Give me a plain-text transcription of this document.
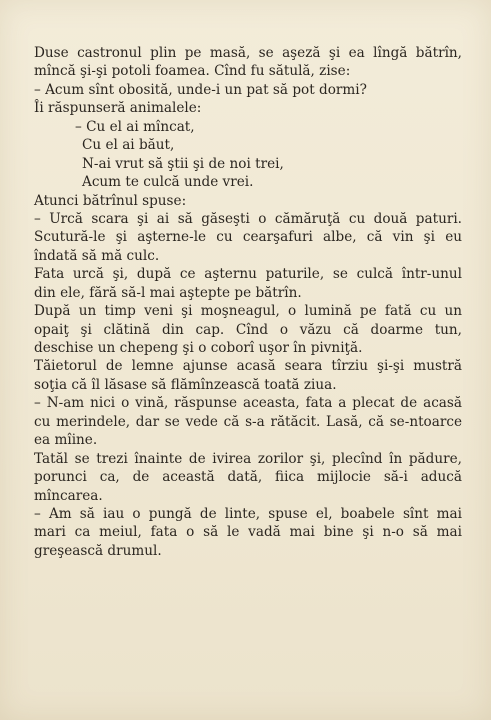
Duse castronul plin pe masă, se aşeză şi ea lîngă bătrîn,
mîncă şi-şi potoli foamea. Cînd fu sătulă, zise:
– Acum sînt obosită, unde-i un pat să pot dormi?
Îi răspunseră animalele:
– Cu el ai mîncat,
Cu el ai băut,
N-ai vrut să ştii şi de noi trei,
Acum te culcă unde vrei.
Atunci bătrînul spuse:
– Urcă scara şi ai să găseşti o cămăruţă cu două paturi.
Scutură-le şi aşterne-le cu cearşafuri albe, că vin şi eu
îndată să mă culc.
Fata urcă şi, după ce aşternu paturile, se culcă într-unul
din ele, fără să-l mai aştepte pe bătrîn.
După un timp veni şi moşneagul, o lumină pe fată cu un
opaiţ şi clătină din cap. Cînd o văzu că doarme tun,
deschise un chepeng şi o coborî uşor în pivniţă.
Tăietorul de lemne ajunse acasă seara tîrziu şi-şi mustră
soţia că îl lăsase să flămînzească toată ziua.
– N-am nici o vină, răspunse aceasta, fata a plecat de acasă
cu merindele, dar se vede că s-a rătăcit. Lasă, că se-ntoarce
ea mîine.
Tatăl se trezi înainte de ivirea zorilor şi, plecînd în pădure,
porunci ca, de această dată, fiica mijlocie să-i aducă
mîncarea.
– Am să iau o pungă de linte, spuse el, boabele sînt mai
mari ca meiul, fata o să le vadă mai bine şi n-o să mai
greşească drumul.
